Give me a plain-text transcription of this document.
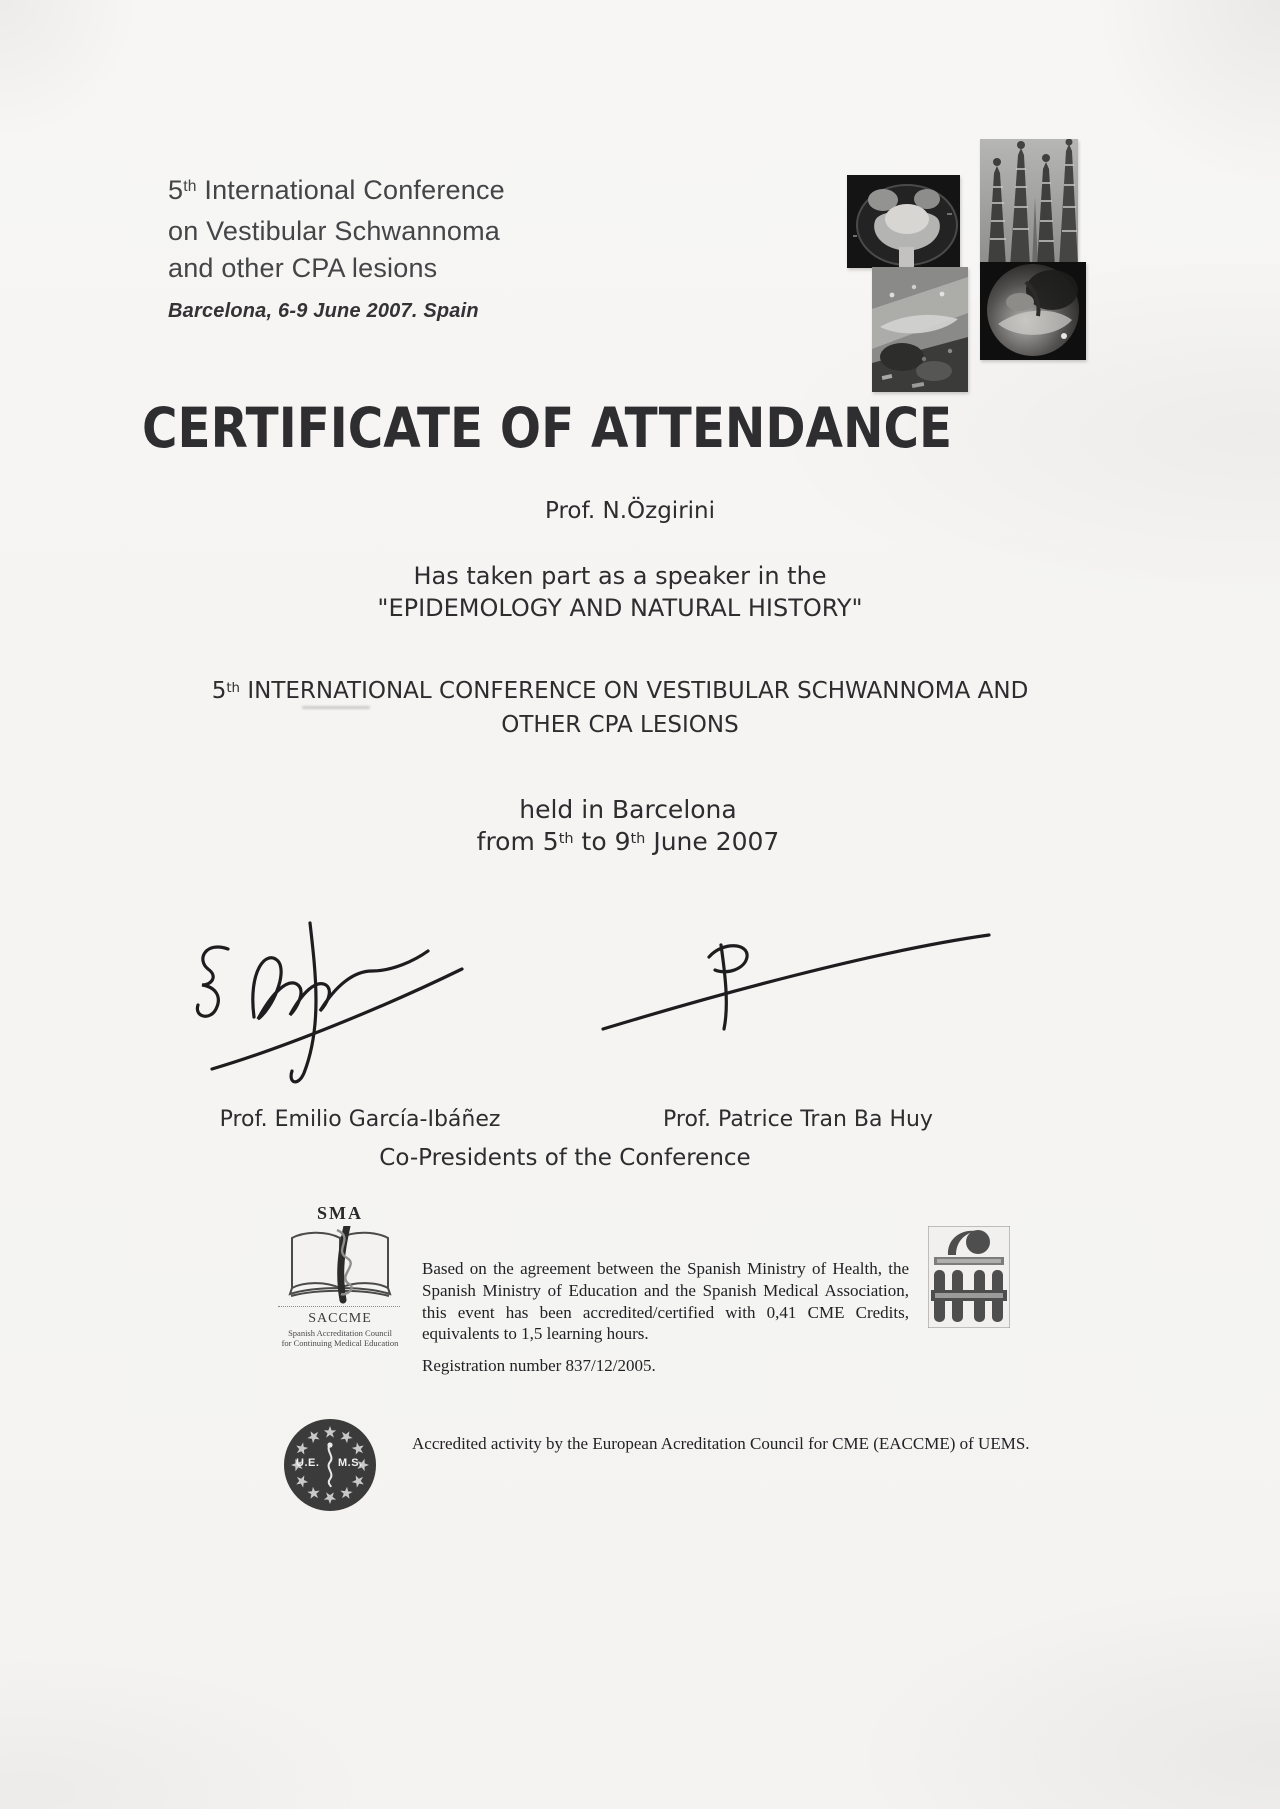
5th International Conference
on Vestibular Schwannoma
and other CPA lesions
Barcelona, 6-9 June 2007. Spain
CERTIFICATE OF ATTENDANCE
Prof. N.Özgirini
Has taken part as a speaker in the
"EPIDEMOLOGY AND NATURAL HISTORY"
5th INTERNATIONAL CONFERENCE ON VESTIBULAR SCHWANNOMA AND
OTHER CPA LESIONS
held in Barcelona
from 5th to 9th June 2007
Prof. Emilio García-Ibáñez	Prof. Patrice Tran Ba Huy
Co-Presidents of the Conference
SMA
SACCME
Spanish Accreditation Council
for Continuing Medical Education
Based on the agreement between the Spanish Ministry of Health, the Spanish Ministry of Education and the Spanish Medical Association, this event has been accredited/certified with 0,41 CME Credits, equivalents to 1,5 learning hours.
Registration number 837/12/2005.
U.E. M.S.
Accredited activity by the European Acreditation Council for CME (EACCME) of UEMS.
